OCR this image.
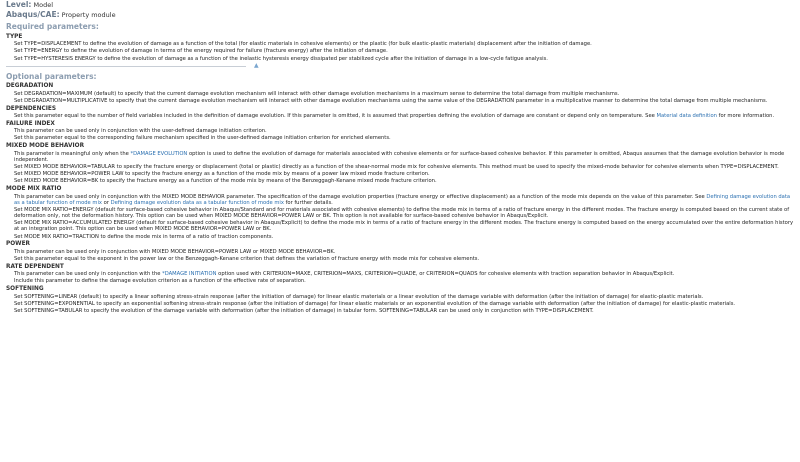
Level: Model
Abaqus/CAE: Property module
Required parameters:
TYPE
Set TYPE=DISPLACEMENT to define the evolution of damage as a function of the total (for elastic materials in cohesive elements) or the plastic (for bulk elastic-plastic materials) displacement after the initiation of damage.
Set TYPE=ENERGY to define the evolution of damage in terms of the energy required for failure (fracture energy) after the initiation of damage.
Set TYPE=HYSTERESIS ENERGY to define the evolution of damage as a function of the inelastic hysteresis energy dissipated per stabilized cycle after the initiation of damage in a low-cycle fatigue analysis.
▲
Optional parameters:
DEGRADATION
Set DEGRADATION=MAXIMUM (default) to specify that the current damage evolution mechanism will interact with other damage evolution mechanisms in a maximum sense to determine the total damage from multiple mechanisms.
Set DEGRADATION=MULTIPLICATIVE to specify that the current damage evolution mechanism will interact with other damage evolution mechanisms using the same value of the DEGRADATION parameter in a multiplicative manner to determine the total damage from multiple mechanisms.
DEPENDENCIES
Set this parameter equal to the number of field variables included in the definition of damage evolution. If this parameter is omitted, it is assumed that properties defining the evolution of damage are constant or depend only on temperature. See Material data definition for more information.
FAILURE INDEX
This parameter can be used only in conjunction with the user-defined damage initiation criterion.
Set this parameter equal to the corresponding failure mechanism specified in the user-defined damage initiation criterion for enriched elements.
MIXED MODE BEHAVIOR
This parameter is meaningful only when the *DAMAGE EVOLUTION option is used to define the evolution of damage for materials associated with cohesive elements or for surface-based cohesive behavior. If this parameter is omitted, Abaqus assumes that the damage evolution behavior is mode independent.
Set MIXED MODE BEHAVIOR=TABULAR to specify the fracture energy or displacement (total or plastic) directly as a function of the shear-normal mode mix for cohesive elements. This method must be used to specify the mixed-mode behavior for cohesive elements when TYPE=DISPLACEMENT.
Set MIXED MODE BEHAVIOR=POWER LAW to specify the fracture energy as a function of the mode mix by means of a power law mixed mode fracture criterion.
Set MIXED MODE BEHAVIOR=BK to specify the fracture energy as a function of the mode mix by means of the Benzeggagh-Kenane mixed mode fracture criterion.
MODE MIX RATIO
This parameter can be used only in conjunction with the MIXED MODE BEHAVIOR parameter. The specification of the damage evolution properties (fracture energy or effective displacement) as a function of the mode mix depends on the value of this parameter. See Defining damage evolution data as a tabular function of mode mix or Defining damage evolution data as a tabular function of mode mix for further details.
Set MODE MIX RATIO=ENERGY (default for surface-based cohesive behavior in Abaqus/Standard and for materials associated with cohesive elements) to define the mode mix in terms of a ratio of fracture energy in the different modes. The fracture energy is computed based on the current state of deformation only, not the deformation history. This option can be used when MIXED MODE BEHAVIOR=POWER LAW or BK. This option is not available for surface-based cohesive behavior in Abaqus/Explicit.
Set MODE MIX RATIO=ACCUMULATED ENERGY (default for surface-based cohesive behavior in Abaqus/Explicit) to define the mode mix in terms of a ratio of fracture energy in the different modes. The fracture energy is computed based on the energy accumulated over the entire deformation history at an integration point. This option can be used when MIXED MODE BEHAVIOR=POWER LAW or BK.
Set MODE MIX RATIO=TRACTION to define the mode mix in terms of a ratio of traction components.
POWER
This parameter can be used only in conjunction with MIXED MODE BEHAVIOR=POWER LAW or MIXED MODE BEHAVIOR=BK.
Set this parameter equal to the exponent in the power law or the Benzeggagh-Kenane criterion that defines the variation of fracture energy with mode mix for cohesive elements.
RATE DEPENDENT
This parameter can be used only in conjunction with the *DAMAGE INITIATION option used with CRITERION=MAXE, CRITERION=MAXS, CRITERION=QUADE, or CRITERION=QUADS for cohesive elements with traction separation behavior in Abaqus/Explicit.
Include this parameter to define the damage evolution criterion as a function of the effective rate of separation.
SOFTENING
Set SOFTENING=LINEAR (default) to specify a linear softening stress-strain response (after the initiation of damage) for linear elastic materials or a linear evolution of the damage variable with deformation (after the initiation of damage) for elastic-plastic materials.
Set SOFTENING=EXPONENTIAL to specify an exponential softening stress-strain response (after the initiation of damage) for linear elastic materials or an exponential evolution of the damage variable with deformation (after the initiation of damage) for elastic-plastic materials.
Set SOFTENING=TABULAR to specify the evolution of the damage variable with deformation (after the initiation of damage) in tabular form. SOFTENING=TABULAR can be used only in conjunction with TYPE=DISPLACEMENT.
